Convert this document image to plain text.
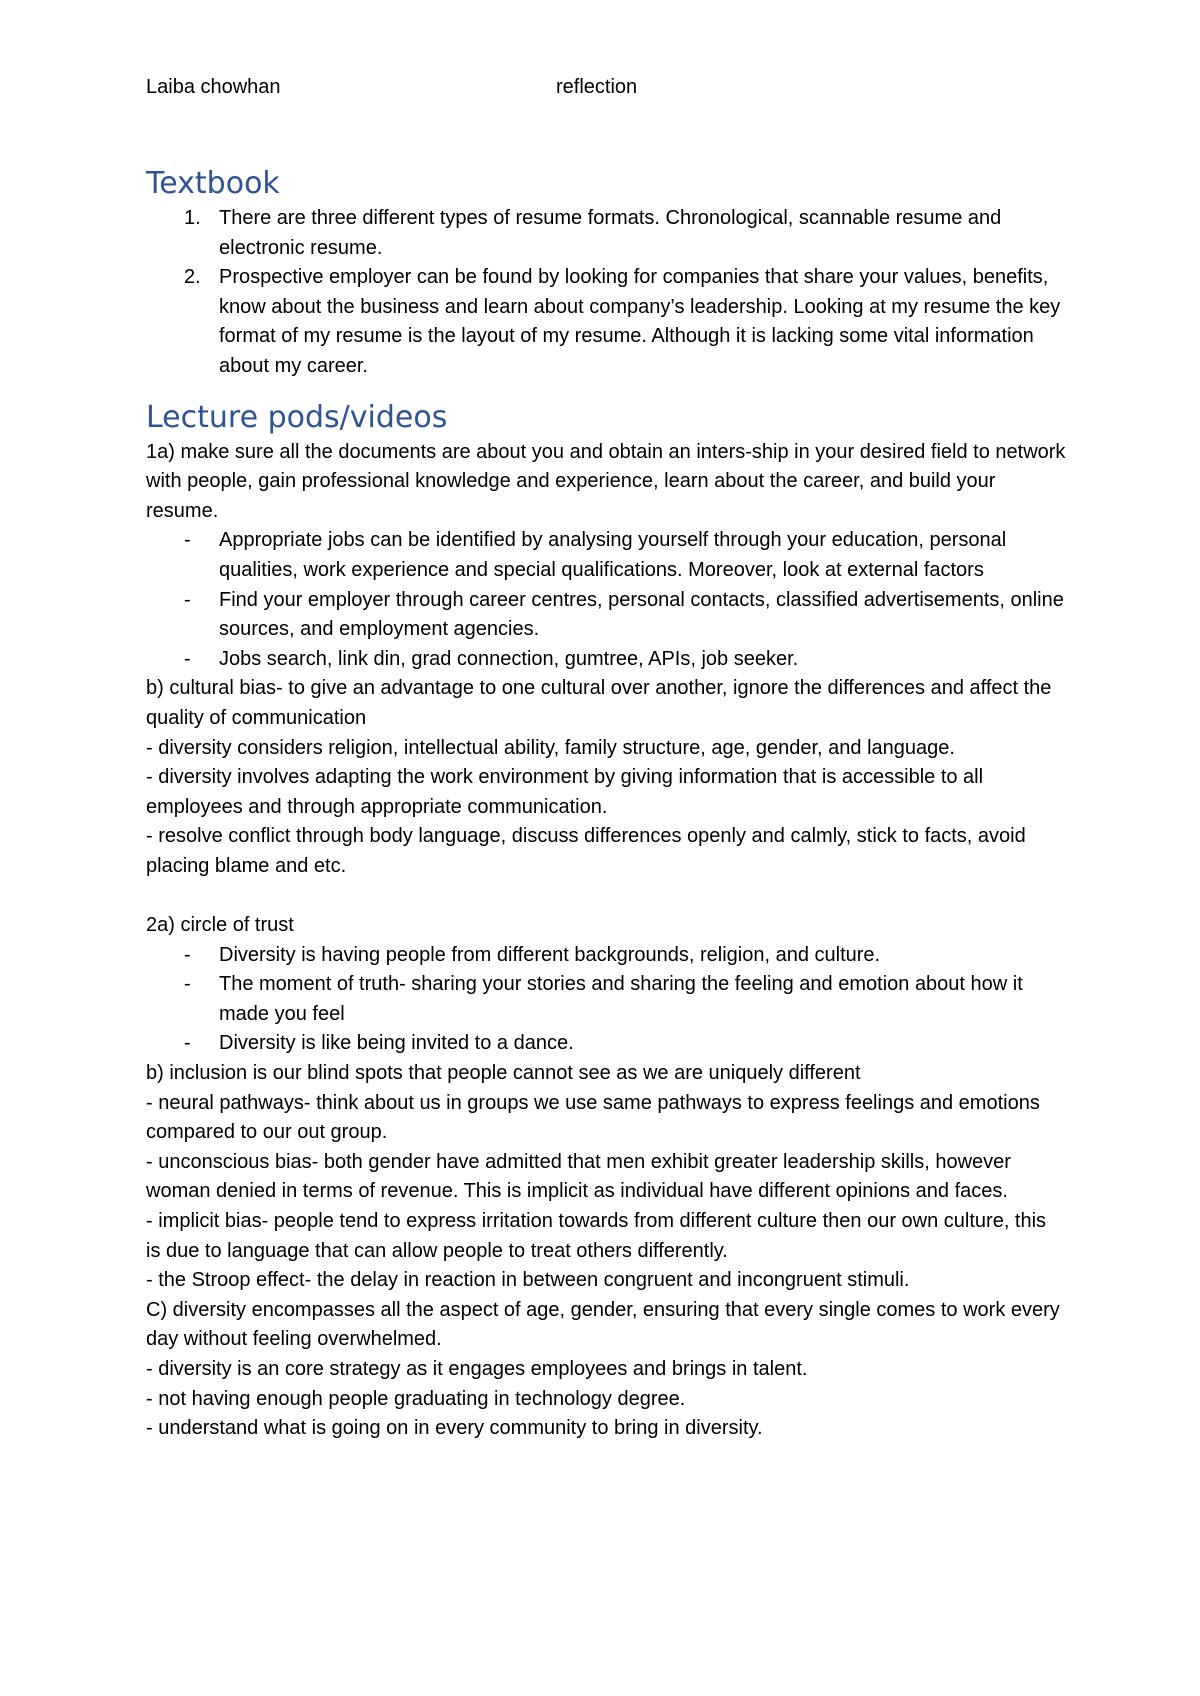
Laiba chowhan	reflection
Textbook
1. There are three different types of resume formats. Chronological, scannable resume and electronic resume.
2. Prospective employer can be found by looking for companies that share your values, benefits, know about the business and learn about company’s leadership. Looking at my resume the key format of my resume is the layout of my resume. Although it is lacking some vital information about my career.
Lecture pods/videos

1a) make sure all the documents are about you and obtain an inters-ship in your desired field to network with people, gain professional knowledge and experience, learn about the career, and build your resume.

- Appropriate jobs can be identified by analysing yourself through your education, personal qualities, work experience and special qualifications. Moreover, look at external factors
- Find your employer through career centres, personal contacts, classified advertisements, online sources, and employment agencies.
- Jobs search, link din, grad connection, gumtree, APIs, job seeker.

b) cultural bias- to give an advantage to one cultural over another, ignore the differences and affect the quality of communication

- diversity considers religion, intellectual ability, family structure, age, gender, and language.

- diversity involves adapting the work environment by giving information that is accessible to all employees and through appropriate communication.

- resolve conflict through body language, discuss differences openly and calmly, stick to facts, avoid placing blame and etc.

2a) circle of trust

- Diversity is having people from different backgrounds, religion, and culture.
- The moment of truth- sharing your stories and sharing the feeling and emotion about how it made you feel
- Diversity is like being invited to a dance.

b) inclusion is our blind spots that people cannot see as we are uniquely different

- neural pathways- think about us in groups we use same pathways to express feelings and emotions compared to our out group.

- unconscious bias- both gender have admitted that men exhibit greater leadership skills, however woman denied in terms of revenue. This is implicit as individual have different opinions and faces.

- implicit bias- people tend to express irritation towards from different culture then our own culture, this is due to language that can allow people to treat others differently.

- the Stroop effect- the delay in reaction in between congruent and incongruent stimuli.

C) diversity encompasses all the aspect of age, gender, ensuring that every single comes to work every day without feeling overwhelmed.

- diversity is an core strategy as it engages employees and brings in talent.

- not having enough people graduating in technology degree.

- understand what is going on in every community to bring in diversity.
